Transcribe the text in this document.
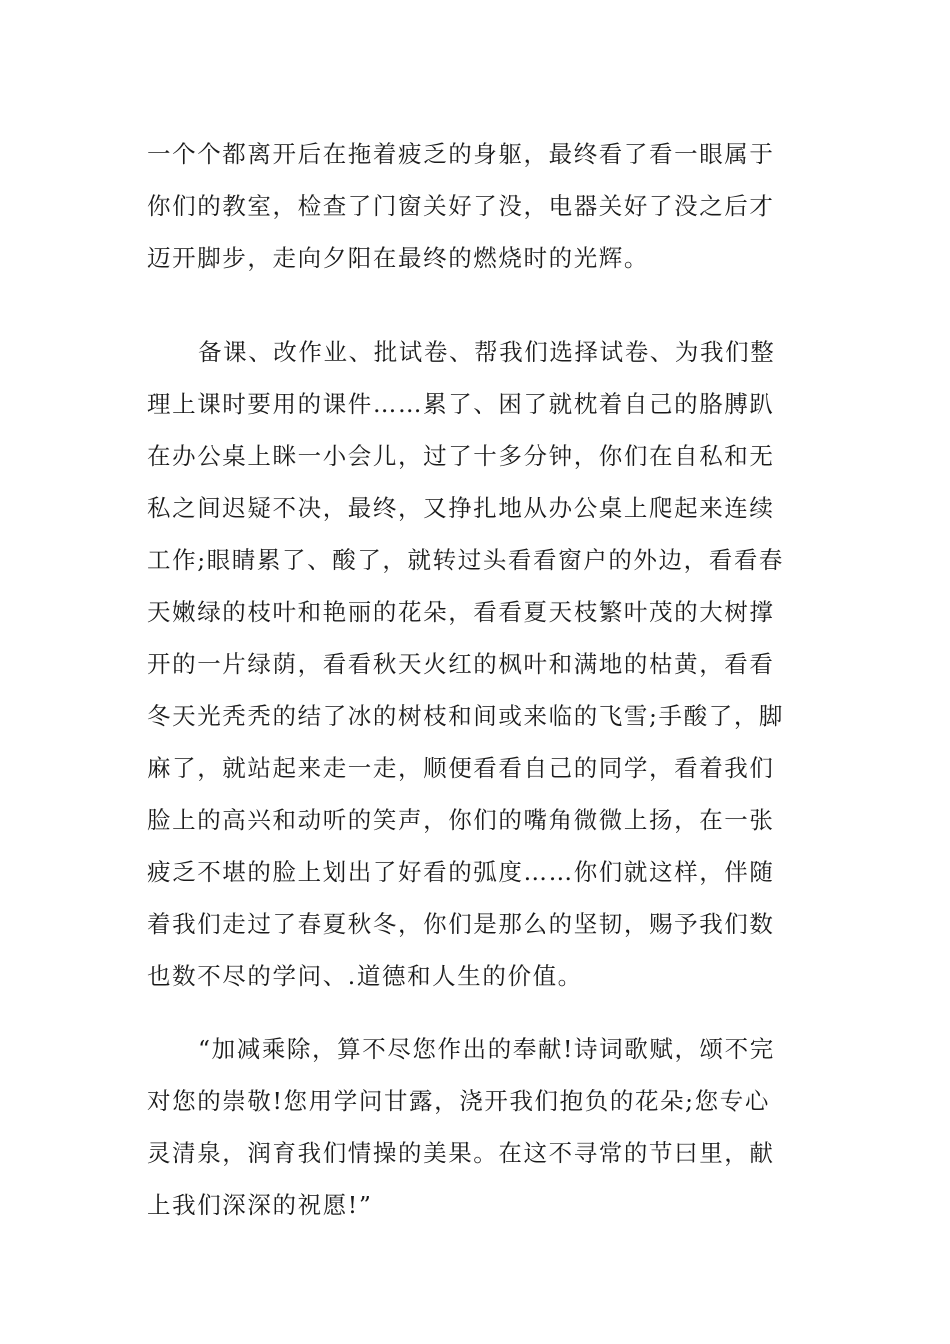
一个个都离开后在拖着疲乏的身躯，最终看了看一眼属于
你们的教室，检查了门窗关好了没，电器关好了没之后才
迈开脚步，走向夕阳在最终的燃烧时的光辉。
备课、改作业、批试卷、帮我们选择试卷、为我们整
理上课时要用的课件……累了、困了就枕着自己的胳膊趴
在办公桌上眯一小会儿，过了十多分钟，你们在自私和无
私之间迟疑不决，最终，又挣扎地从办公桌上爬起来连续
工作;眼睛累了、酸了，就转过头看看窗户的外边，看看春
天嫩绿的枝叶和艳丽的花朵，看看夏天枝繁叶茂的大树撑
开的一片绿荫，看看秋天火红的枫叶和满地的枯黄，看看
冬天光秃秃的结了冰的树枝和间或来临的飞雪;手酸了，脚
麻了，就站起来走一走，顺便看看自己的同学，看着我们
脸上的高兴和动听的笑声，你们的嘴角微微上扬，在一张
疲乏不堪的脸上划出了好看的弧度……你们就这样，伴随
着我们走过了春夏秋冬，你们是那么的坚韧，赐予我们数
也数不尽的学问、.道德和人生的价值。
“加减乘除，算不尽您作出的奉献!诗词歌赋，颂不完
对您的崇敬!您用学问甘露，浇开我们抱负的花朵;您专心
灵清泉，润育我们情操的美果。在这不寻常的节曰里，献
上我们深深的祝愿!”
